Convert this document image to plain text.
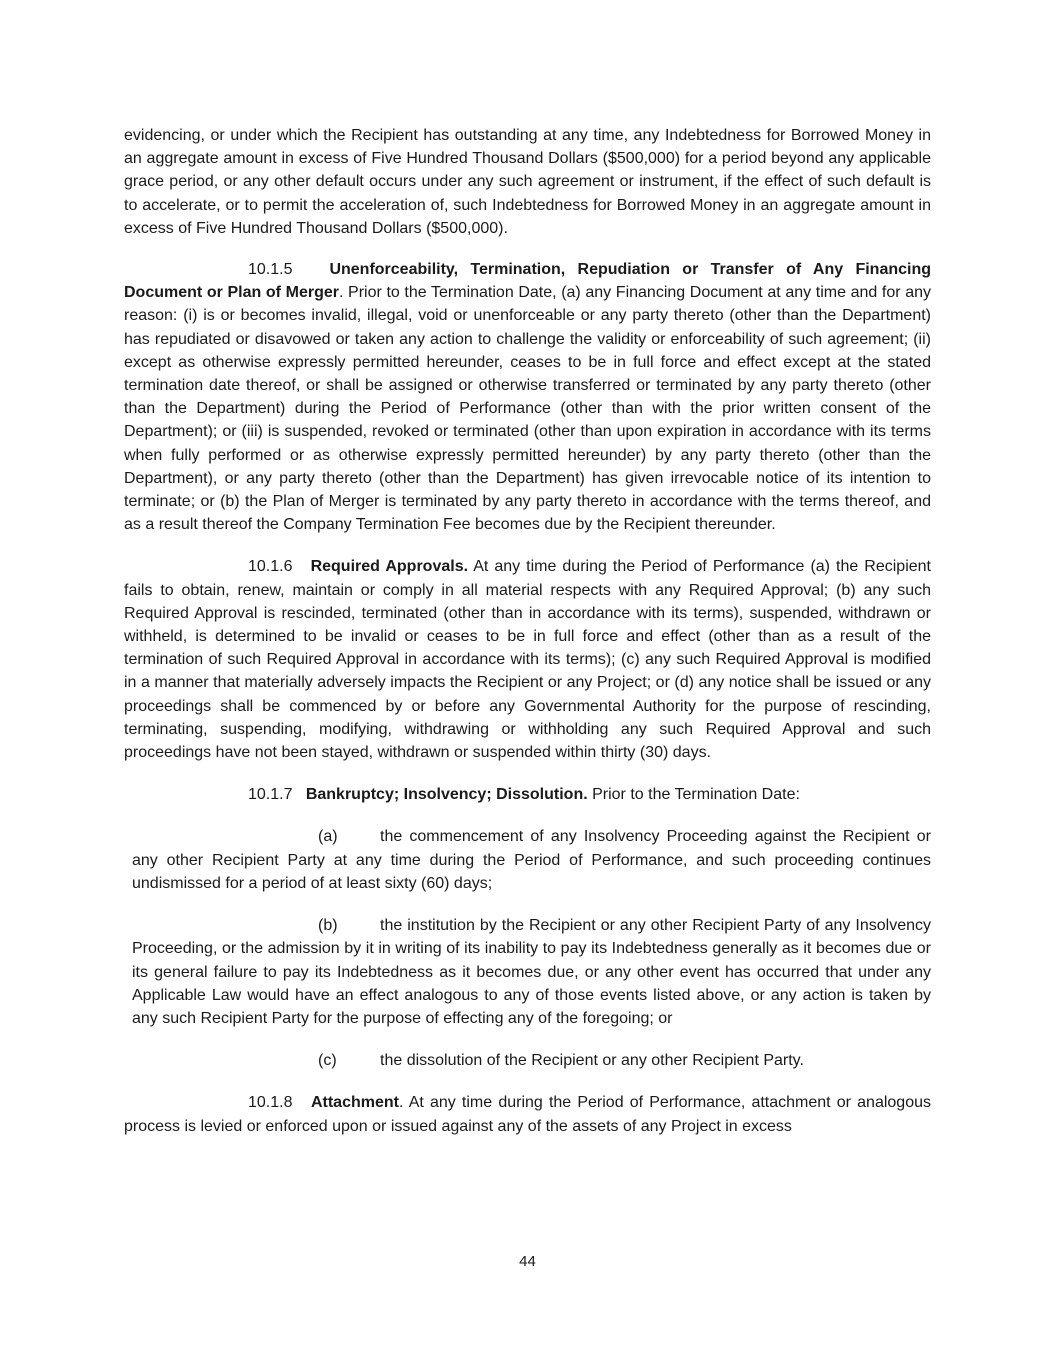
evidencing, or under which the Recipient has outstanding at any time, any Indebtedness for Borrowed Money in an aggregate amount in excess of Five Hundred Thousand Dollars ($500,000) for a period beyond any applicable grace period, or any other default occurs under any such agreement or instrument, if the effect of such default is to accelerate, or to permit the acceleration of, such Indebtedness for Borrowed Money in an aggregate amount in excess of Five Hundred Thousand Dollars ($500,000).

10.1.5 Unenforceability, Termination, Repudiation or Transfer of Any Financing Document or Plan of Merger. Prior to the Termination Date, (a) any Financing Document at any time and for any reason: (i) is or becomes invalid, illegal, void or unenforceable or any party thereto (other than the Department) has repudiated or disavowed or taken any action to challenge the validity or enforceability of such agreement; (ii) except as otherwise expressly permitted hereunder, ceases to be in full force and effect except at the stated termination date thereof, or shall be assigned or otherwise transferred or terminated by any party thereto (other than the Department) during the Period of Performance (other than with the prior written consent of the Department); or (iii) is suspended, revoked or terminated (other than upon expiration in accordance with its terms when fully performed or as otherwise expressly permitted hereunder) by any party thereto (other than the Department), or any party thereto (other than the Department) has given irrevocable notice of its intention to terminate; or (b) the Plan of Merger is terminated by any party thereto in accordance with the terms thereof, and as a result thereof the Company Termination Fee becomes due by the Recipient thereunder.

10.1.6 Required Approvals. At any time during the Period of Performance (a) the Recipient fails to obtain, renew, maintain or comply in all material respects with any Required Approval; (b) any such Required Approval is rescinded, terminated (other than in accordance with its terms), suspended, withdrawn or withheld, is determined to be invalid or ceases to be in full force and effect (other than as a result of the termination of such Required Approval in accordance with its terms); (c) any such Required Approval is modified in a manner that materially adversely impacts the Recipient or any Project; or (d) any notice shall be issued or any proceedings shall be commenced by or before any Governmental Authority for the purpose of rescinding, terminating, suspending, modifying, withdrawing or withholding any such Required Approval and such proceedings have not been stayed, withdrawn or suspended within thirty (30) days.

10.1.7 Bankruptcy; Insolvency; Dissolution. Prior to the Termination Date:

(a)	the commencement of any Insolvency Proceeding against the Recipient or any other Recipient Party at any time during the Period of Performance, and such proceeding continues undismissed for a period of at least sixty (60) days;

(b)	the institution by the Recipient or any other Recipient Party of any Insolvency Proceeding, or the admission by it in writing of its inability to pay its Indebtedness generally as it becomes due or its general failure to pay its Indebtedness as it becomes due, or any other event has occurred that under any Applicable Law would have an effect analogous to any of those events listed above, or any action is taken by any such Recipient Party for the purpose of effecting any of the foregoing; or

(c)	the dissolution of the Recipient or any other Recipient Party.

10.1.8 Attachment. At any time during the Period of Performance, attachment or analogous process is levied or enforced upon or issued against any of the assets of any Project in excess

44
